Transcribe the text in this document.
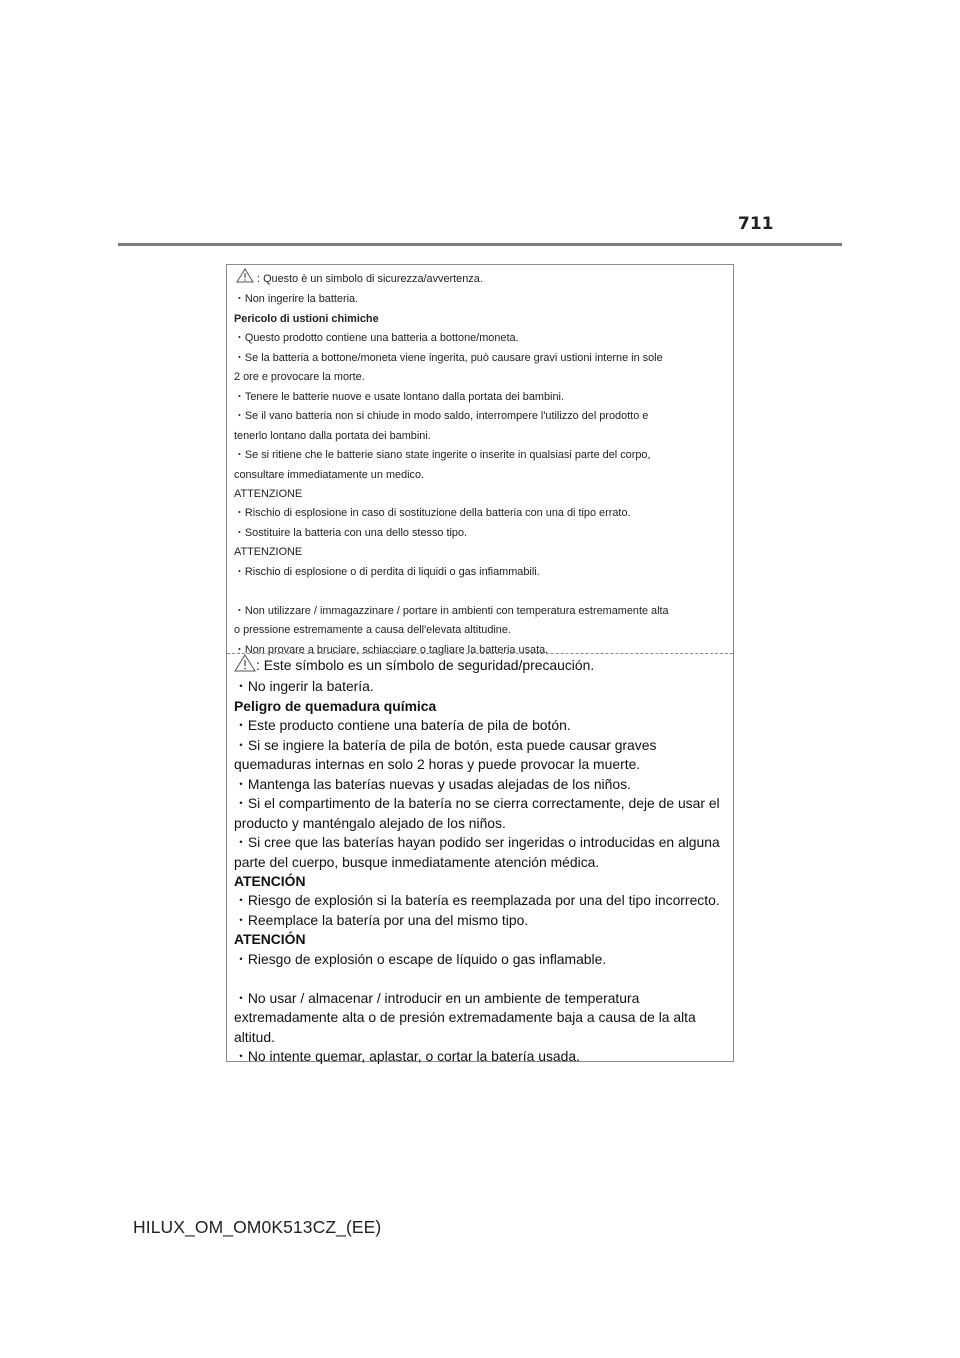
711
: Questo è un simbolo di sicurezza/avvertenza.
・Non ingerire la batteria.
Pericolo di ustioni chimiche
・Questo prodotto contiene una batteria a bottone/moneta.
・Se la batteria a bottone/moneta viene ingerita, può causare gravi ustioni interne in sole
2 ore e provocare la morte.
・Tenere le batterie nuove e usate lontano dalla portata dei bambini.
・Se il vano batteria non si chiude in modo saldo, interrompere l'utilizzo del prodotto e
tenerlo lontano dalla portata dei bambini.
・Se si ritiene che le batterie siano state ingerite o inserite in qualsiasi parte del corpo,
consultare immediatamente un medico.
ATTENZIONE
・Rischio di esplosione in caso di sostituzione della batteria con una di tipo errato.
・Sostituire la batteria con una dello stesso tipo.
ATTENZIONE
・Rischio di esplosione o di perdita di liquidi o gas infiammabili.
・Non utilizzare / immagazzinare / portare in ambienti con temperatura estremamente alta
o pressione estremamente a causa dell'elevata altitudine.
・Non provare a bruciare, schiacciare o tagliare la batteria usata.
: Este símbolo es un símbolo de seguridad/precaución.
・No ingerir la batería.
Peligro de quemadura química
・Este producto contiene una batería de pila de botón.
・Si se ingiere la batería de pila de botón, esta puede causar graves
quemaduras internas en solo 2 horas y puede provocar la muerte.
・Mantenga las baterías nuevas y usadas alejadas de los niños.
・Si el compartimento de la batería no se cierra correctamente, deje de usar el
producto y manténgalo alejado de los niños.
・Si cree que las baterías hayan podido ser ingeridas o introducidas en alguna
parte del cuerpo, busque inmediatamente atención médica.
ATENCIÓN
・Riesgo de explosión si la batería es reemplazada por una del tipo incorrecto.
・Reemplace la batería por una del mismo tipo.
ATENCIÓN
・Riesgo de explosión o escape de líquido o gas inflamable.
・No usar / almacenar / introducir en un ambiente de temperatura
extremadamente alta o de presión extremadamente baja a causa de la alta
altitud.
・No intente quemar, aplastar, o cortar la batería usada.
HILUX_OM_OM0K513CZ_(EE)
